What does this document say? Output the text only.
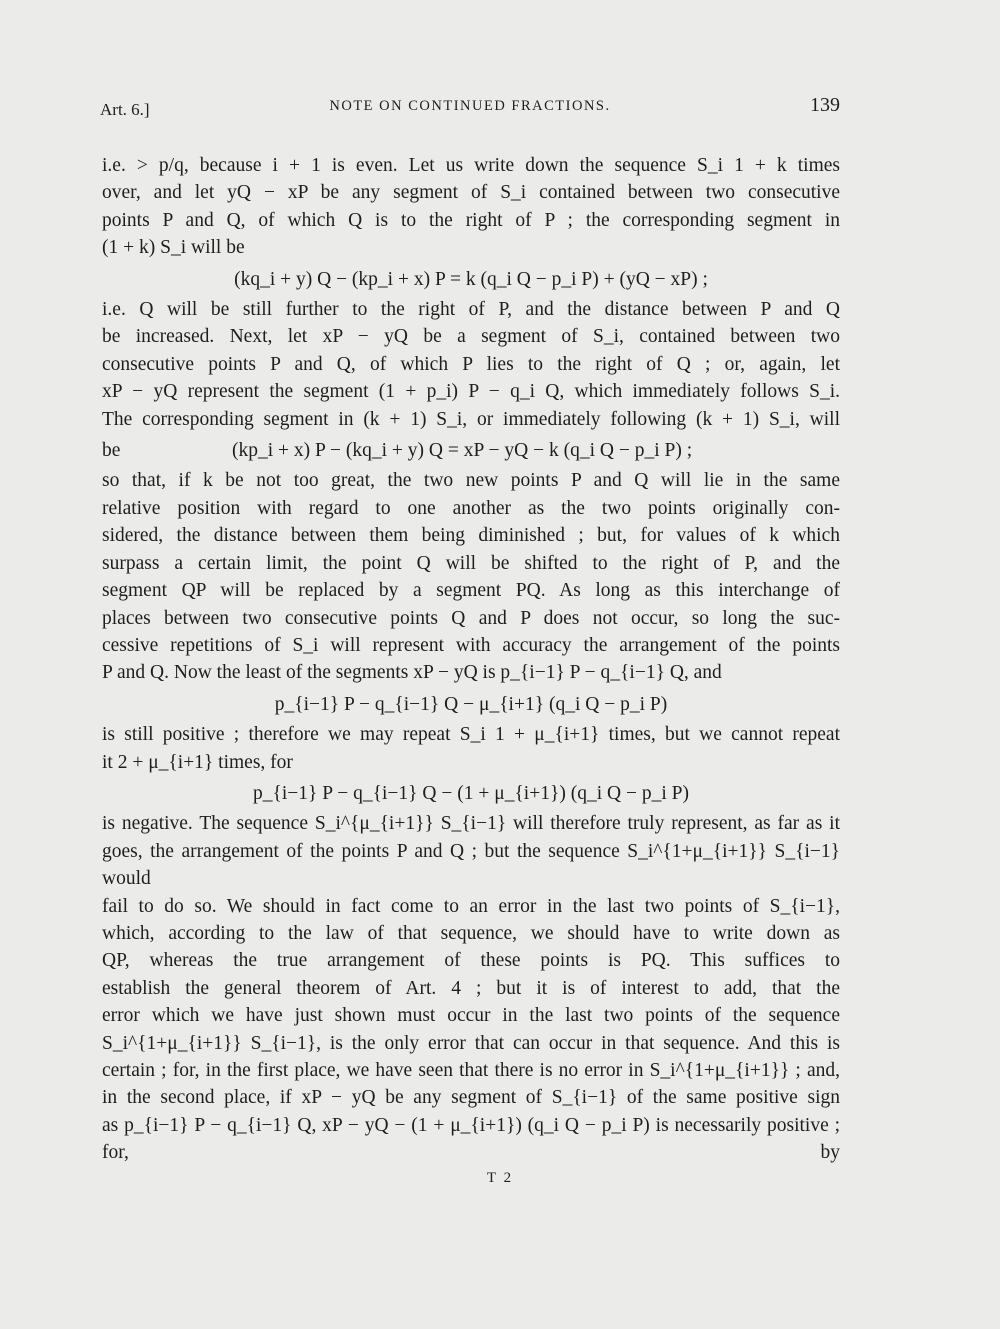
Art. 6.]	NOTE ON CONTINUED FRACTIONS.	139
i.e. > p/q, because i + 1 is even. Let us write down the sequence S_i 1 + k times
over, and let yQ − xP be any segment of S_i contained between two consecutive
points P and Q, of which Q is to the right of P ; the corresponding segment in
(1 + k) S_i will be
(kq_i + y) Q − (kp_i + x) P = k (q_i Q − p_i P) + (yQ − xP) ;
i.e. Q will be still further to the right of P, and the distance between P and Q
be increased. Next, let xP − yQ be a segment of S_i, contained between two
consecutive points P and Q, of which P lies to the right of Q ; or, again, let
xP − yQ represent the segment (1 + p_i) P − q_i Q, which immediately follows S_i.
The corresponding segment in (k + 1) S_i, or immediately following (k + 1) S_i, will
be	(kp_i + x) P − (kq_i + y) Q = xP − yQ − k (q_i Q − p_i P) ;
so that, if k be not too great, the two new points P and Q will lie in the same
relative position with regard to one another as the two points originally con-
sidered, the distance between them being diminished ; but, for values of k which
surpass a certain limit, the point Q will be shifted to the right of P, and the
segment QP will be replaced by a segment PQ. As long as this interchange of
places between two consecutive points Q and P does not occur, so long the suc-
cessive repetitions of S_i will represent with accuracy the arrangement of the points
P and Q. Now the least of the segments xP − yQ is p_{i−1} P − q_{i−1} Q, and
p_{i−1} P − q_{i−1} Q − μ_{i+1} (q_i Q − p_i P)
is still positive ; therefore we may repeat S_i 1 + μ_{i+1} times, but we cannot repeat
it 2 + μ_{i+1} times, for
p_{i−1} P − q_{i−1} Q − (1 + μ_{i+1}) (q_i Q − p_i P)
is negative. The sequence S_i^{μ_{i+1}} S_{i−1} will therefore truly represent, as far as it
goes, the arrangement of the points P and Q ; but the sequence S_i^{1+μ_{i+1}} S_{i−1} would
fail to do so. We should in fact come to an error in the last two points of S_{i−1},
which, according to the law of that sequence, we should have to write down as
QP, whereas the true arrangement of these points is PQ. This suffices to
establish the general theorem of Art. 4 ; but it is of interest to add, that the
error which we have just shown must occur in the last two points of the sequence
S_i^{1+μ_{i+1}} S_{i−1}, is the only error that can occur in that sequence. And this is
certain ; for, in the first place, we have seen that there is no error in S_i^{1+μ_{i+1}} ; and,
in the second place, if xP − yQ be any segment of S_{i−1} of the same positive sign
as p_{i−1} P − q_{i−1} Q, xP − yQ − (1 + μ_{i+1}) (q_i Q − p_i P) is necessarily positive ; for, by
T 2
